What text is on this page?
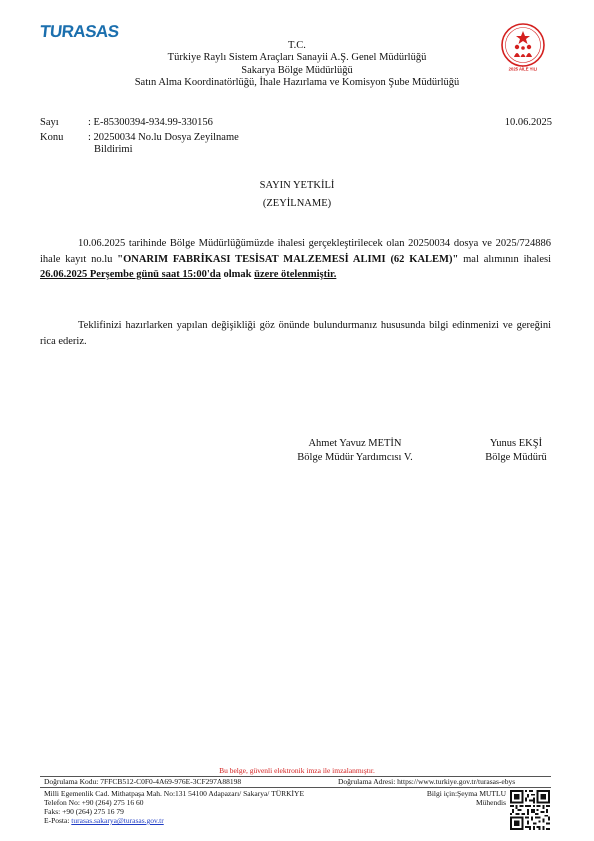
TURASAS
2025 AİLE YILI
T.C.
Türkiye Raylı Sistem Araçları Sanayii A.Ş. Genel Müdürlüğü
Sakarya Bölge Müdürlüğü
Satın Alma Koordinatörlüğü, İhale Hazırlama ve Komisyon Şube Müdürlüğü
Sayı	: E-85300394-934.99-330156	10.06.2025
Konu : 20250034 No.lu Dosya Zeyilname
Bildirimi
SAYIN YETKİLİ
(ZEYİLNAME)

10.06.2025 tarihinde Bölge Müdürlüğümüzde ihalesi gerçekleştirilecek olan 20250034 dosya ve 2025/724886 ihale kayıt no.lu "ONARIM FABRİKASI TESİSAT MALZEMESİ ALIMI (62 KALEM)" mal alımının ihalesi 26.06.2025 Perşembe günü saat 15:00'da olmak üzere ötelenmiştir.

Teklifinizi hazırlarken yapılan değişikliği göz önünde bulundurmanız hususunda bilgi edinmenizi ve gereğini rica ederiz.

Ahmet Yavuz METİN
Bölge Müdür Yardımcısı V.
Yunus EKŞİ
Bölge Müdürü
Bu belge, güvenli elektronik imza ile imzalanmıştır.
Doğrulama Kodu: 7FFCB512-C0F0-4A69-976E-3CF297A88198	Doğrulama Adresi: https://www.turkiye.gov.tr/turasas-ebys
Milli Egemenlik Cad. Mithatpaşa Mah. No:131 54100 Adapazarı/ Sakarya/ TÜRKİYE
Telefon No: +90 (264) 275 16 60
Faks: +90 (264) 275 16 79
E-Posta: turasas.sakarya@turasas.gov.tr
Bilgi için:Şeyma MUTLU
Mühendis
